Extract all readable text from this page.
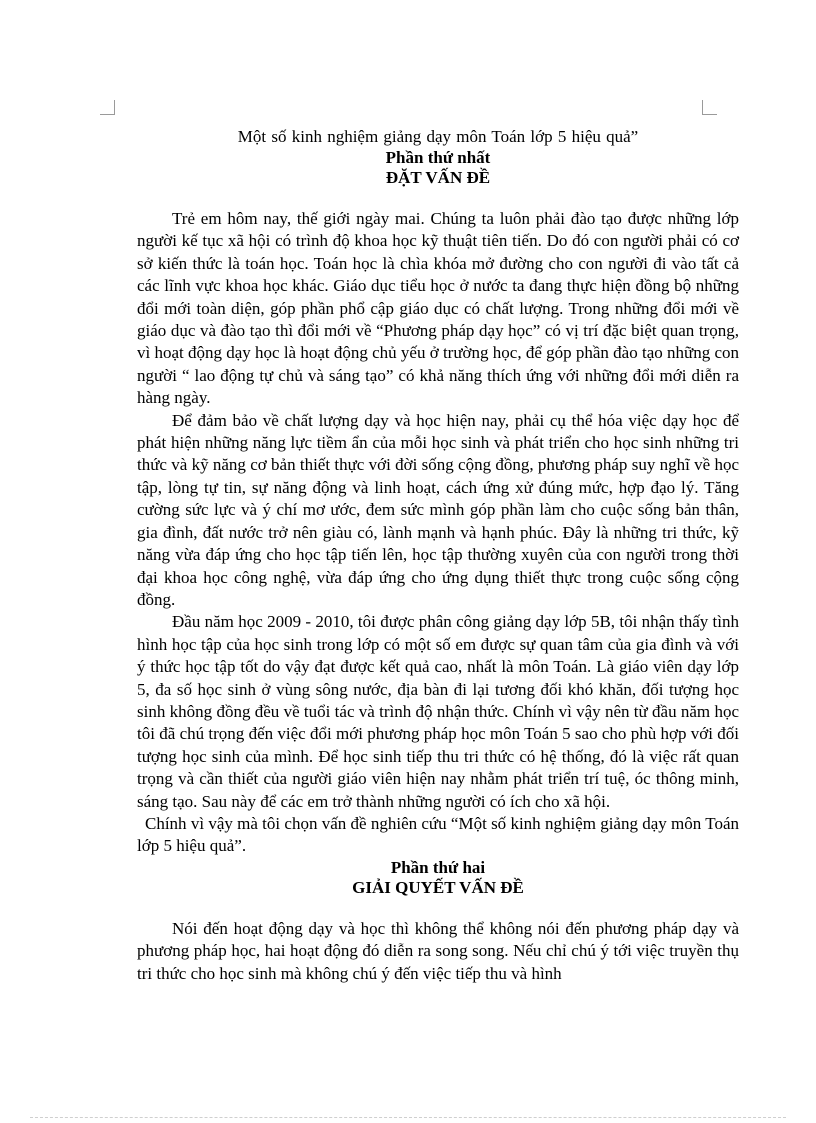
Một số kinh nghiệm giảng dạy môn Toán lớp 5 hiệu quả”

Phần thứ nhất

ĐẶT VẤN ĐỀ

Trẻ em hôm nay, thế giới ngày mai. Chúng ta luôn phải đào tạo được những lớp người kế tục xã hội có trình độ khoa học kỹ thuật tiên tiến. Do đó con người phải có cơ sở kiến thức là toán học. Toán học là chìa khóa mở đường cho con người đi vào tất cả các lĩnh vực khoa học khác. Giáo dục tiểu học ở nước ta đang thực hiện đồng bộ những đổi mới toàn diện, góp phần phổ cập giáo dục có chất lượng. Trong những đổi mới về giáo dục và đào tạo thì đổi mới về “Phương pháp dạy học” có vị trí đặc biệt quan trọng, vì hoạt động dạy học là hoạt động chủ yếu ở trường học, để góp phần đào tạo những con người “ lao động tự chủ và sáng tạo” có khả năng thích ứng với những đổi mới diễn ra hàng ngày.

Để đảm bảo về chất lượng dạy và học hiện nay, phải cụ thể hóa việc dạy học để phát hiện những năng lực tiềm ẩn của mỗi học sinh và phát triển cho học sinh những tri thức và kỹ năng cơ bản thiết thực với đời sống cộng đồng, phương pháp suy nghĩ về học tập, lòng tự tin, sự năng động và linh hoạt, cách ứng xử đúng mức, hợp đạo lý. Tăng cường sức lực và ý chí mơ ước, đem sức mình góp phần làm cho cuộc sống bản thân, gia đình, đất nước trở nên giàu có, lành mạnh và hạnh phúc. Đây là những tri thức, kỹ năng vừa đáp ứng cho học tập tiến lên, học tập thường xuyên của con người trong thời đại khoa học công nghệ, vừa đáp ứng cho ứng dụng thiết thực trong cuộc sống cộng đồng.

Đầu năm học 2009 - 2010, tôi được phân công giảng dạy lớp 5B, tôi nhận thấy tình hình học tập của học sinh trong lớp có một số em được sự quan tâm của gia đình và với ý thức học tập tốt do vậy đạt được kết quả cao, nhất là môn Toán. Là giáo viên dạy lớp 5, đa số học sinh ở vùng sông nước, địa bàn đi lại tương đối khó khăn, đối tượng học sinh không đồng đều về tuổi tác và trình độ nhận thức. Chính vì vậy nên từ đầu năm học tôi đã chú trọng đến việc đổi mới phương pháp học môn Toán 5 sao cho phù hợp với đối tượng học sinh của mình. Để học sinh tiếp thu tri thức có hệ thống, đó là việc rất quan trọng và cần thiết của người giáo viên hiện nay nhằm phát triển trí tuệ, óc thông minh, sáng tạo. Sau này để các em trở thành những người có ích cho xã hội.

Chính vì vậy mà tôi chọn vấn đề nghiên cứu “Một số kinh nghiệm giảng dạy môn Toán lớp 5 hiệu quả”.

Phần thứ hai

GIẢI QUYẾT VẤN ĐỀ

Nói đến hoạt động dạy và học thì không thể không nói đến phương pháp dạy và phương pháp học, hai hoạt động đó diễn ra song song. Nếu chỉ chú ý tới việc truyền thụ tri thức cho học sinh mà không chú ý đến việc tiếp thu và hình
